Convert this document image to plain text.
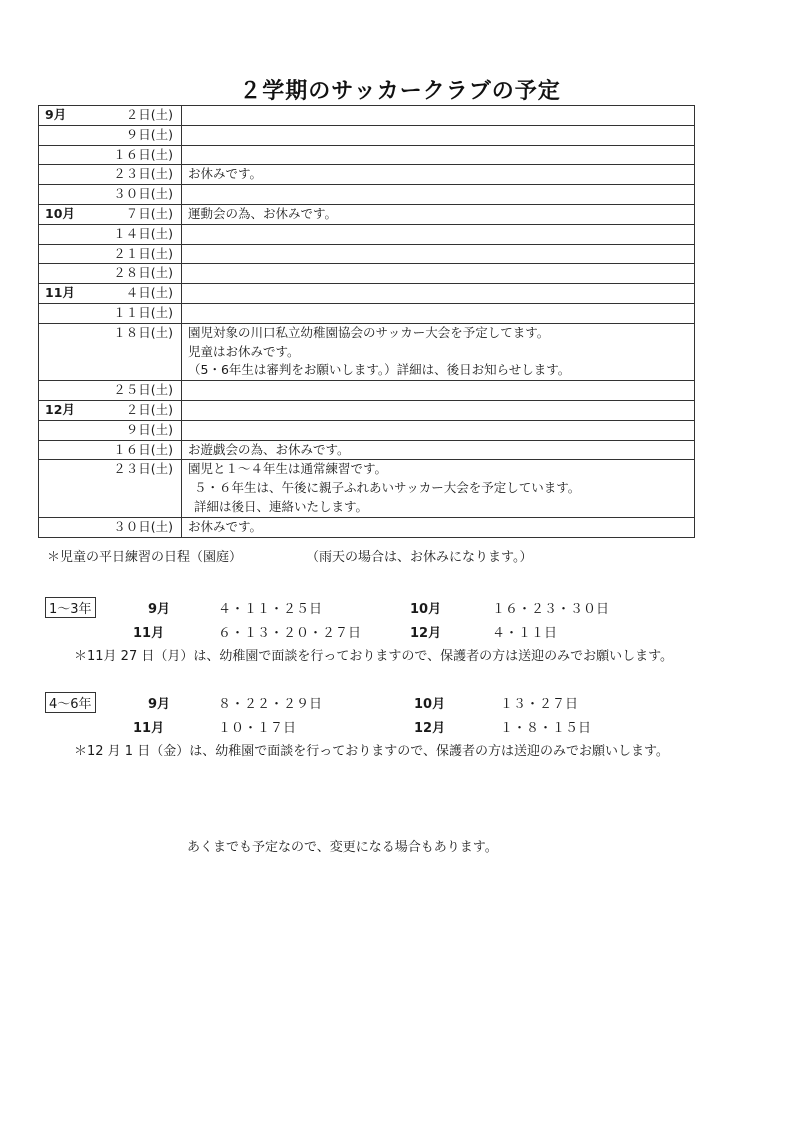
２学期のサッカークラブの予定
9月 ２日(土)	

９日(土)	

１６日(土)	

２３日(土)	お休みです。

３０日(土)	

10月 ７日(土)	運動会の為、お休みです。

１４日(土)	

２１日(土)	

２８日(土)	

11月 ４日(土)	

１１日(土)	

１８日(土)	園児対象の川口私立幼稚園協会のサッカー大会を予定してます。
児童はお休みです。
（5・6年生は審判をお願いします。）詳細は、後日お知らせします。

２５日(土)	

12月 ２日(土)	

９日(土)	

１６日(土)	お遊戯会の為、お休みです。

２３日(土)	園児と１～４年生は通常練習です。
５・６年生は、午後に親子ふれあいサッカー大会を予定しています。
詳細は後日、連絡いたします。

３０日(土)	お休みです。
＊児童の平日練習の日程（園庭）	（雨天の場合は、お休みになります。）
1～3年	9月	４・１１・２５日	10月	１６・２３・３０日
11月	６・１３・２０・２７日	12月	４・１１日
＊11月 27 日（月）は、幼稚園で面談を行っておりますので、保護者の方は送迎のみでお願いします。
4～6年	9月	８・２２・２９日	10月	１３・２７日
11月	１０・１７日	12月	１・８・１５日
＊12 月 1 日（金）は、幼稚園で面談を行っておりますので、保護者の方は送迎のみでお願いします。
あくまでも予定なので、変更になる場合もあります。
